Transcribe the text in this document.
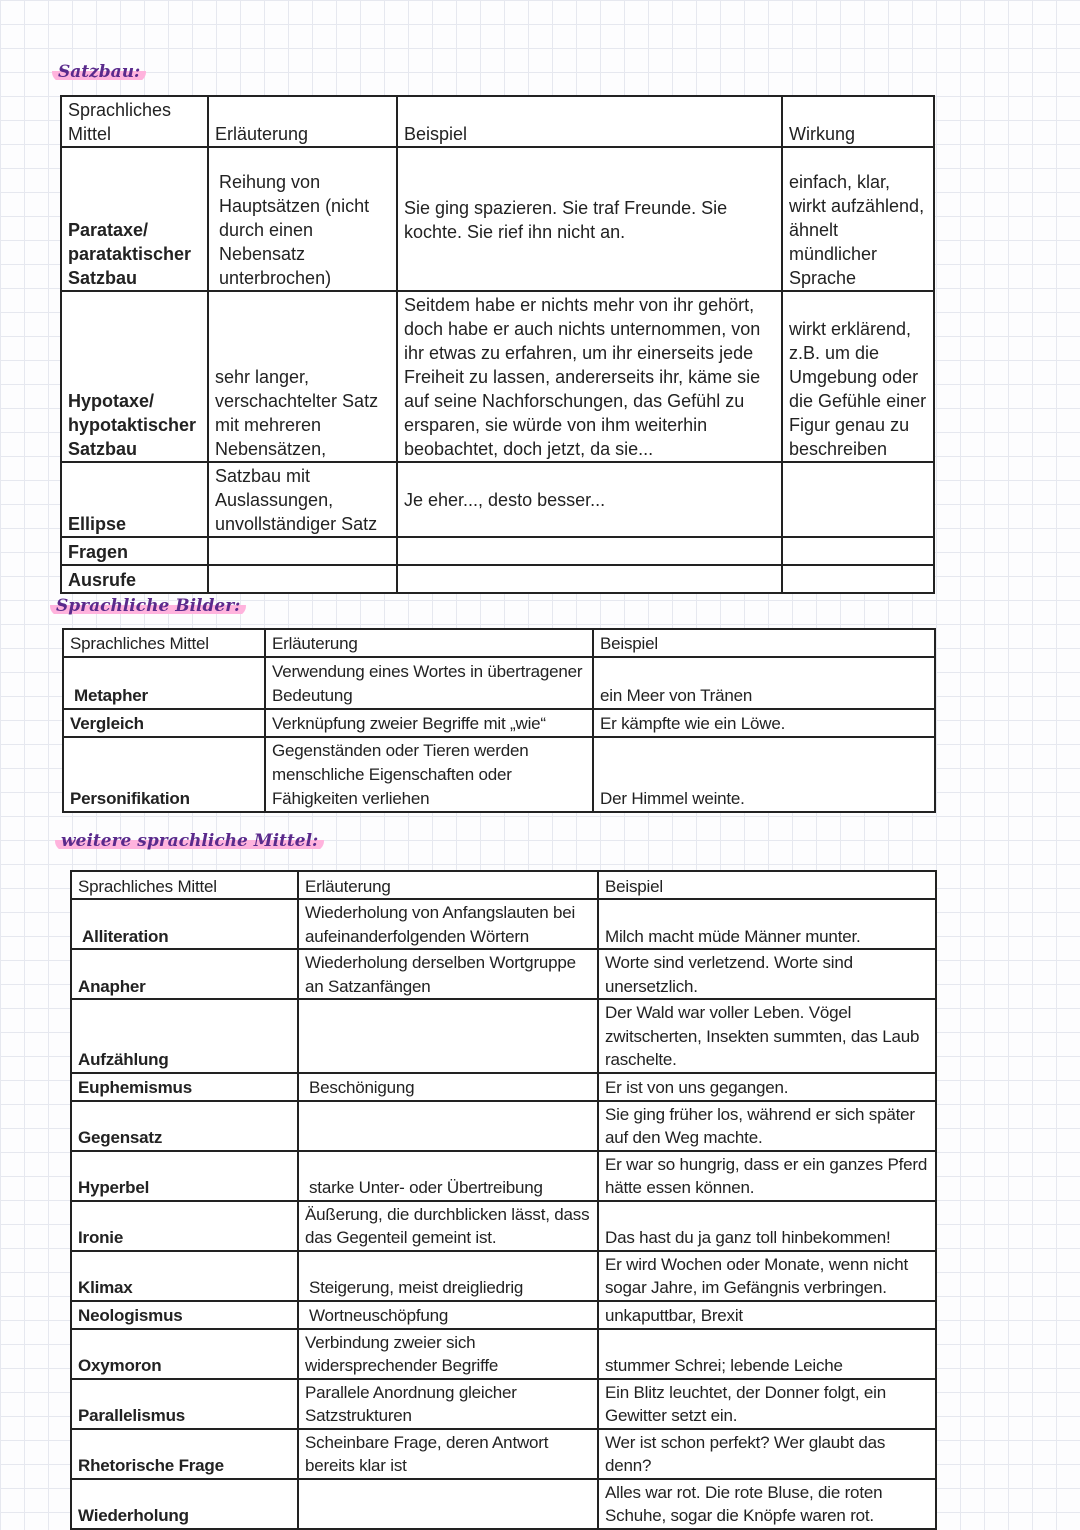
Satzbau:
Sprachliches Mittel	Erläuterung	Beispiel	Wirkung
Parataxe/ parataktischer Satzbau	Reihung von Hauptsätzen (nicht durch einen Nebensatz unterbrochen)	Sie ging spazieren. Sie traf Freunde. Sie kochte. Sie rief ihn nicht an.	einfach, klar, wirkt aufzählend, ähnelt mündlicher Sprache
Hypotaxe/ hypotaktischer Satzbau	sehr langer, verschachtelter Satz mit mehreren Nebensätzen,	Seitdem habe er nichts mehr von ihr gehört, doch habe er auch nichts unternommen, von ihr etwas zu erfahren, um ihr einerseits jede Freiheit zu lassen, andererseits ihr, käme sie auf seine Nachforschungen, das Gefühl zu ersparen, sie würde von ihm weiterhin beobachtet, doch jetzt, da sie...	wirkt erklärend, z.B. um die Umgebung oder die Gefühle einer Figur genau zu beschreiben
Ellipse	Satzbau mit Auslassungen, unvollständiger Satz	Je eher..., desto besser...	
Fragen			
Ausrufe			
Sprachliche Bilder:
Sprachliches Mittel	Erläuterung	Beispiel
Metapher	Verwendung eines Wortes in übertragener Bedeutung	ein Meer von Tränen
Vergleich	Verknüpfung zweier Begriffe mit „wie“	Er kämpfte wie ein Löwe.
Personifikation	Gegenständen oder Tieren werden menschliche Eigenschaften oder Fähigkeiten verliehen	Der Himmel weinte.
weitere sprachliche Mittel:
Sprachliches Mittel	Erläuterung	Beispiel
Alliteration	Wiederholung von Anfangslauten bei aufeinanderfolgenden Wörtern	Milch macht müde Männer munter.
Anapher	Wiederholung derselben Wortgruppe an Satzanfängen	Worte sind verletzend. Worte sind unersetzlich.
Aufzählung		Der Wald war voller Leben. Vögel zwitscherten, Insekten summten, das Laub raschelte.
Euphemismus	Beschönigung	Er ist von uns gegangen.
Gegensatz		Sie ging früher los, während er sich später auf den Weg machte.
Hyperbel	starke Unter- oder Übertreibung	Er war so hungrig, dass er ein ganzes Pferd hätte essen können.
Ironie	Äußerung, die durchblicken lässt, dass das Gegenteil gemeint ist.	Das hast du ja ganz toll hinbekommen!
Klimax	Steigerung, meist dreigliedrig	Er wird Wochen oder Monate, wenn nicht sogar Jahre, im Gefängnis verbringen.
Neologismus	Wortneuschöpfung	unkaputtbar, Brexit
Oxymoron	Verbindung zweier sich widersprechender Begriffe	stummer Schrei; lebende Leiche
Parallelismus	Parallele Anordnung gleicher Satzstrukturen	Ein Blitz leuchtet, der Donner folgt, ein Gewitter setzt ein.
Rhetorische Frage	Scheinbare Frage, deren Antwort bereits klar ist	Wer ist schon perfekt? Wer glaubt das denn?
Wiederholung		Alles war rot. Die rote Bluse, die roten Schuhe, sogar die Knöpfe waren rot.
